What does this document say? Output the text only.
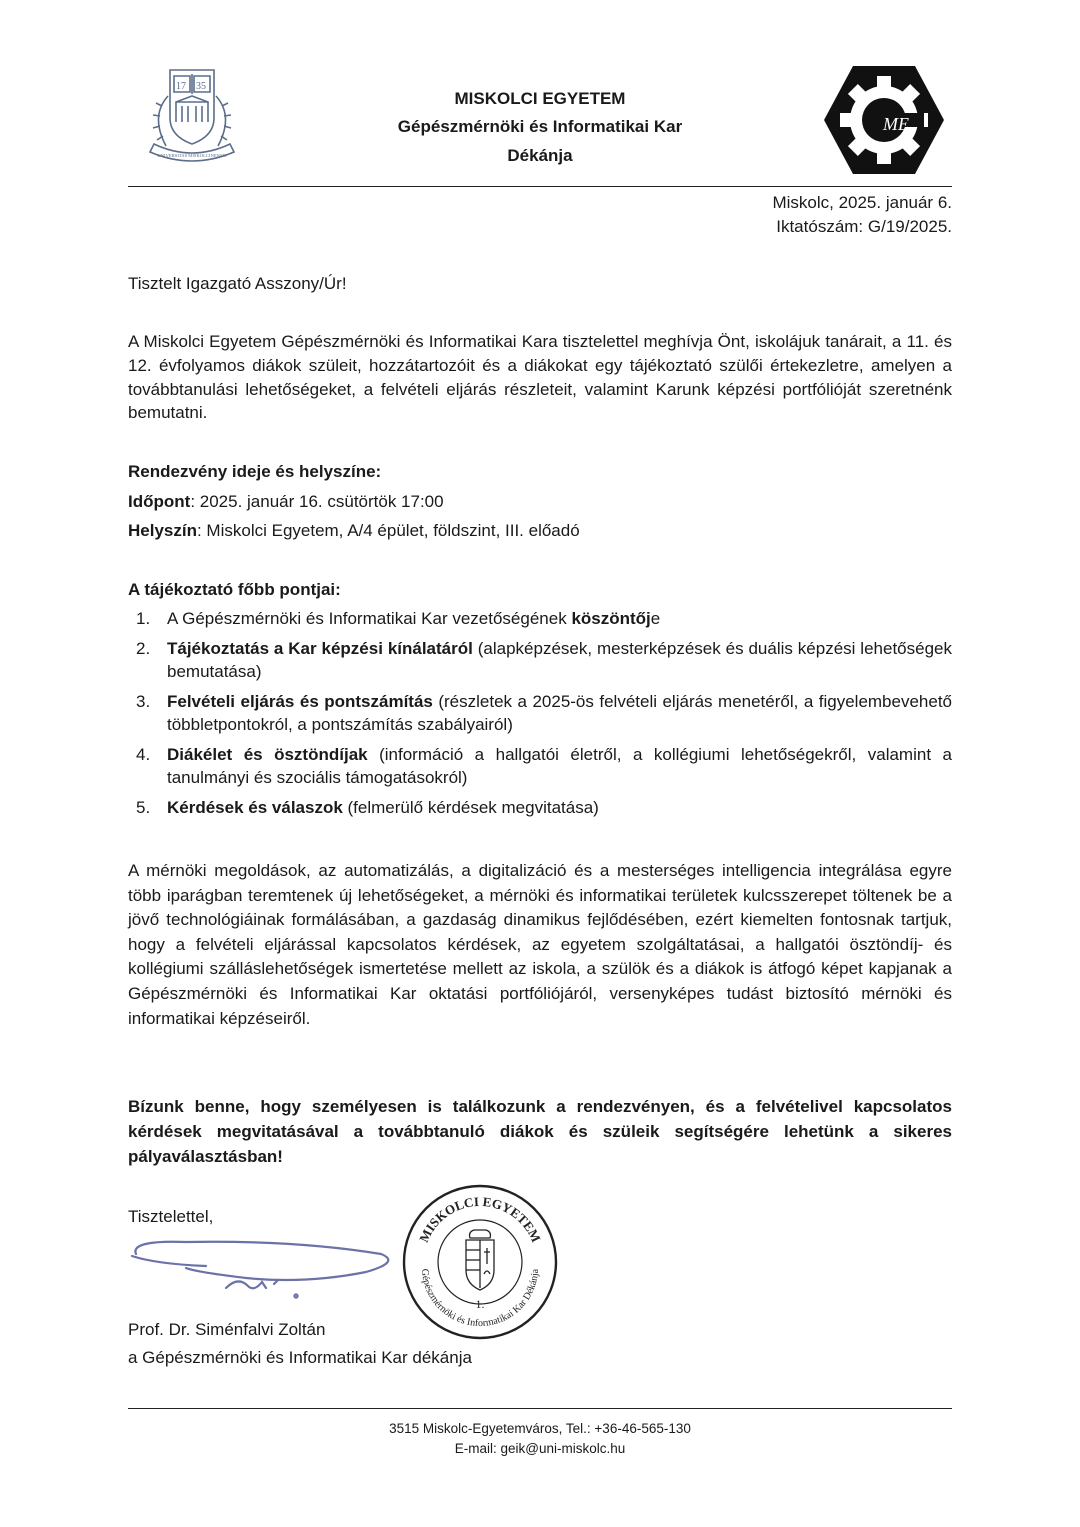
17 35
UNIVERSITAS MISKOLCINENSIS
MISKOLCI EGYETEM
Gépészmérnöki és Informatikai Kar
Dékánja
ME
Miskolc, 2025. január 6.
Iktatószám: G/19/2025.
Tisztelt Igazgató Asszony/Úr!
A Miskolci Egyetem Gépészmérnöki és Informatikai Kara tisztelettel meghívja Önt, iskolájuk tanárait, a 11. és 12. évfolyamos diákok szüleit, hozzátartozóit és a diákokat egy tájékoztató szülői értekezletre, amelyen a továbbtanulási lehetőségeket, a felvételi eljárás részleteit, valamint Karunk képzési portfólióját szeretnénk bemutatni.
Rendezvény ideje és helyszíne:
Időpont: 2025. január 16. csütörtök 17:00
Helyszín: Miskolci Egyetem, A/4 épület, földszint, III. előadó
A tájékoztató főbb pontjai:
1. A Gépészmérnöki és Informatikai Kar vezetőségének köszöntője
2. Tájékoztatás a Kar képzési kínálatáról (alapképzések, mesterképzések és duális képzési lehetőségek bemutatása)
3. Felvételi eljárás és pontszámítás (részletek a 2025-ös felvételi eljárás menetéről, a figyelembevehető többletpontokról, a pontszámítás szabályairól)
4. Diákélet és ösztöndíjak (információ a hallgatói életről, a kollégiumi lehetőségekről, valamint a tanulmányi és szociális támogatásokról)
5. Kérdések és válaszok (felmerülő kérdések megvitatása)
A mérnöki megoldások, az automatizálás, a digitalizáció és a mesterséges intelligencia integrálása egyre több iparágban teremtenek új lehetőségeket, a mérnöki és informatikai területek kulcsszerepet töltenek be a jövő technológiáinak formálásában, a gazdaság dinamikus fejlődésében, ezért kiemelten fontosnak tartjuk, hogy a felvételi eljárással kapcsolatos kérdések, az egyetem szolgáltatásai, a hallgatói ösztöndíj- és kollégiumi szálláslehetőségek ismertetése mellett az iskola, a szülök és a diákok is átfogó képet kapjanak a Gépészmérnöki és Informatikai Kar oktatási portfóliójáról, versenyképes tudást biztosító mérnöki és informatikai képzéseiről.
Bízunk benne, hogy személyesen is találkozunk a rendezvényen, és a felvételivel kapcsolatos kérdések megvitatásával a továbbtanuló diákok és szüleik segítségére lehetünk a sikeres pályaválasztásban!
Tisztelettel,
MISKOLCI EGYETEM
Gépészmérnöki és Informatikai Kar Dékánja
1.
Prof. Dr. Siménfalvi Zoltán
a Gépészmérnöki és Informatikai Kar dékánja
3515 Miskolc-Egyetemváros, Tel.: +36-46-565-130
E-mail: geik@uni-miskolc.hu
